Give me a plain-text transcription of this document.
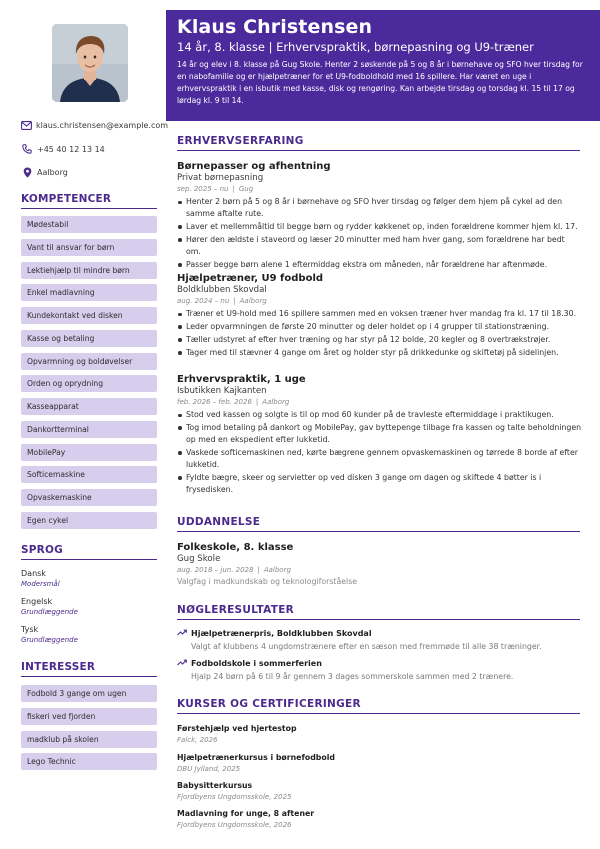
klaus.christensen@example.com
+45 40 12 13 14
Aalborg
KOMPETENCER
Mødestabil
Vant til ansvar for børn
Lektiehjælp til mindre børn
Enkel madlavning
Kundekontakt ved disken
Kasse og betaling
Opvarmning og boldøvelser
Orden og oprydning
Kasseapparat
Dankortterminal
MobilePay
Softicemaskine
Opvaskemaskine
Egen cykel
SPROG
Dansk
Modersmål
Engelsk
Grundlæggende
Tysk
Grundlæggende
INTERESSER
Fodbold 3 gange om ugen
fiskeri ved fjorden
madklub på skolen
Lego Technic
Klaus Christensen
14 år, 8. klasse | Erhvervspraktik, børnepasning og U9-træner
14 år og elev i 8. klasse på Gug Skole. Henter 2 søskende på 5 og 8 år i børnehave og SFO hver tirsdag for en nabofamilie og er hjælpetræner for et U9-fodboldhold med 16 spillere. Har været en uge i erhvervspraktik i en isbutik med kasse, disk og rengøring. Kan arbejde tirsdag og torsdag kl. 15 til 17 og lørdag kl. 9 til 14.
ERHVERVSERFARING
Børnepasser og afhentning
Privat børnepasning
sep. 2025 – nu | Gug
Henter 2 børn på 5 og 8 år i børnehave og SFO hver tirsdag og følger dem hjem på cykel ad den samme aftalte rute.
Laver et mellemmåltid til begge børn og rydder køkkenet op, inden forældrene kommer hjem kl. 17.
Hører den ældste i staveord og læser 20 minutter med ham hver gang, som forældrene har bedt om.
Passer begge børn alene 1 eftermiddag ekstra om måneden, når forældrene har aftenmøde.
Hjælpetræner, U9 fodbold
Boldklubben Skovdal
aug. 2024 – nu | Aalborg
Træner et U9-hold med 16 spillere sammen med en voksen træner hver mandag fra kl. 17 til 18.30.
Leder opvarmningen de første 20 minutter og deler holdet op i 4 grupper til stationstræning.
Tæller udstyret af efter hver træning og har styr på 12 bolde, 20 kegler og 8 overtrækstrøjer.
Tager med til stævner 4 gange om året og holder styr på drikkedunke og skiftetøj på sidelinjen.
Erhvervspraktik, 1 uge
Isbutikken Kajkanten
feb. 2026 – feb. 2026 | Aalborg
Stod ved kassen og solgte is til op mod 60 kunder på de travleste eftermiddage i praktikugen.
Tog imod betaling på dankort og MobilePay, gav byttepenge tilbage fra kassen og talte beholdningen op med en ekspedient efter lukketid.
Vaskede softicemaskinen ned, kørte bægrene gennem opvaskemaskinen og tørrede 8 borde af efter lukketid.
Fyldte bægre, skeer og servietter op ved disken 3 gange om dagen og skiftede 4 bøtter is i frysedisken.
UDDANNELSE
Folkeskole, 8. klasse
Gug Skole
aug. 2018 – jun. 2028 | Aalborg
Valgfag i madkundskab og teknologiforståelse
NØGLERESULTATER
Hjælpetrænerpris, Boldklubben Skovdal
Valgt af klubbens 4 ungdomstrænere efter en sæson med fremmøde til alle 38 træninger.
Fodboldskole i sommerferien
Hjalp 24 børn på 6 til 9 år gennem 3 dages sommerskole sammen med 2 trænere.
KURSER OG CERTIFICERINGER
Førstehjælp ved hjertestop
Falck, 2026
Hjælpetrænerkursus i børnefodbold
DBU Jylland, 2025
Babysitterkursus
Fjordbyens Ungdomsskole, 2025
Madlavning for unge, 8 aftener
Fjordbyens Ungdomsskole, 2026
